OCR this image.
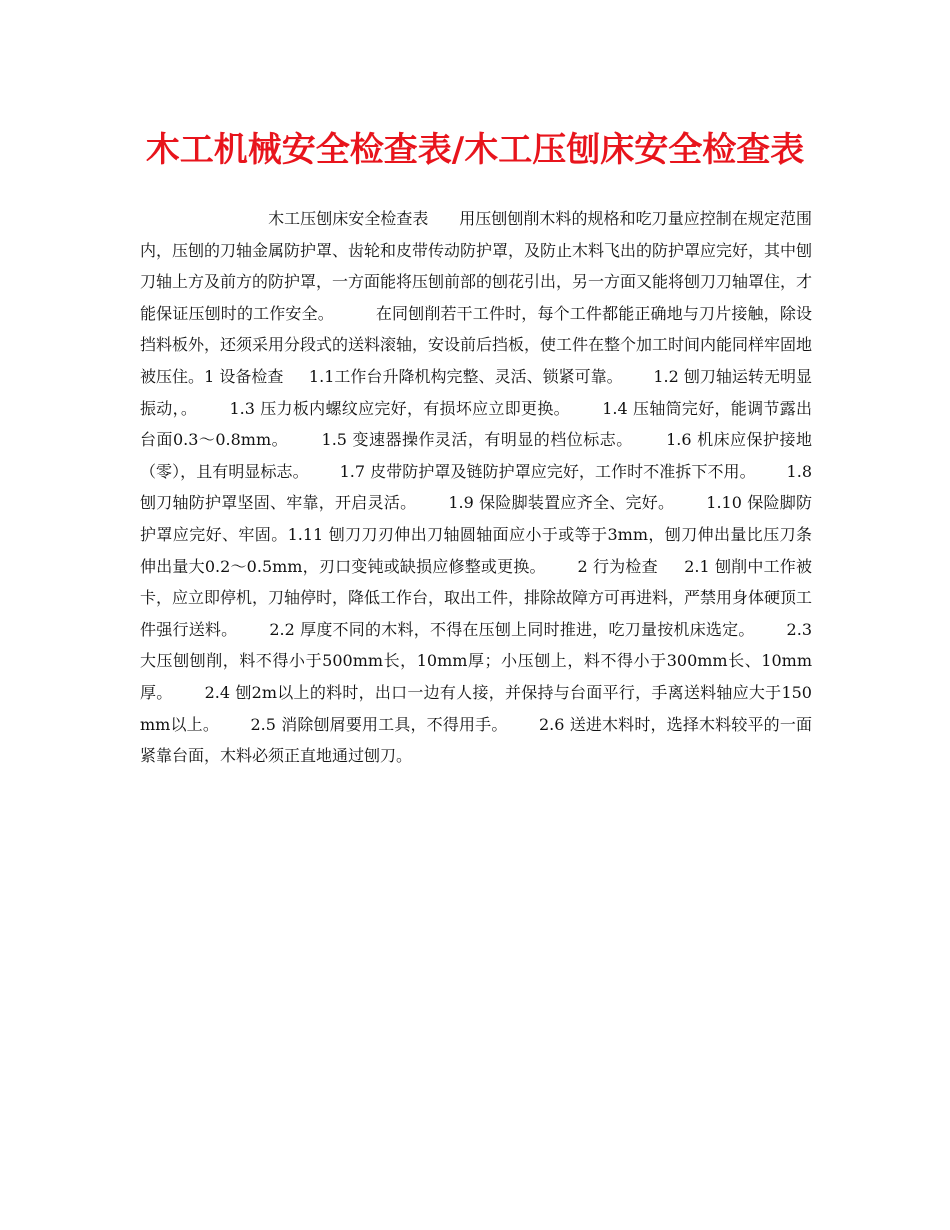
木工机械安全检查表/木工压刨床安全检查表

木工压刨床安全检查表      用压刨刨削木料的规格和吃刀量应控制在规定范围内，压刨的刀轴金属防护罩、齿轮和皮带传动防护罩，及防止木料飞出的防护罩应完好，其中刨刀轴上方及前方的防护罩，一方面能将压刨前部的刨花引出，另一方面又能将刨刀刀轴罩住，才能保证压刨时的工作安全。        在同刨削若干工件时，每个工件都能正确地与刀片接触，除设挡料板外，还须采用分段式的送料滚轴，安设前后挡板，使工件在整个加工时间内能同样牢固地被压住。1 设备检查     1.1工作台升降机构完整、灵活、锁紧可靠。      1.2 刨刀轴运转无明显振动，。      1.3 压力板内螺纹应完好，有损坏应立即更换。      1.4 压轴筒完好，能调节露出台面0.3～0.8mm。      1.5 变速器操作灵活，有明显的档位标志。      1.6 机床应保护接地（零），且有明显标志。      1.7 皮带防护罩及链防护罩应完好，工作时不准拆下不用。      1.8 刨刀轴防护罩坚固、牢靠，开启灵活。      1.9 保险脚装置应齐全、完好。      1.10 保险脚防护罩应完好、牢固。1.11 刨刀刀刃伸出刀轴圆轴面应小于或等于3mm，刨刀伸出量比压刀条伸出量大0.2～0.5mm，刃口变钝或缺损应修整或更换。      2 行为检查     2.1 刨削中工作被卡，应立即停机，刀轴停时，降低工作台，取出工件，排除故障方可再进料，严禁用身体硬顶工件强行送料。      2.2 厚度不同的木料，不得在压刨上同时推进，吃刀量按机床选定。      2.3 大压刨刨削，料不得小于500mm长，10mm厚；小压刨上，料不得小于300mm长、10mm厚。      2.4 刨2m以上的料时，出口一边有人接，并保持与台面平行，手离送料轴应大于150mm以上。      2.5 消除刨屑要用工具，不得用手。      2.6 送进木料时，选择木料较平的一面紧靠台面，木料必须正直地通过刨刀。
